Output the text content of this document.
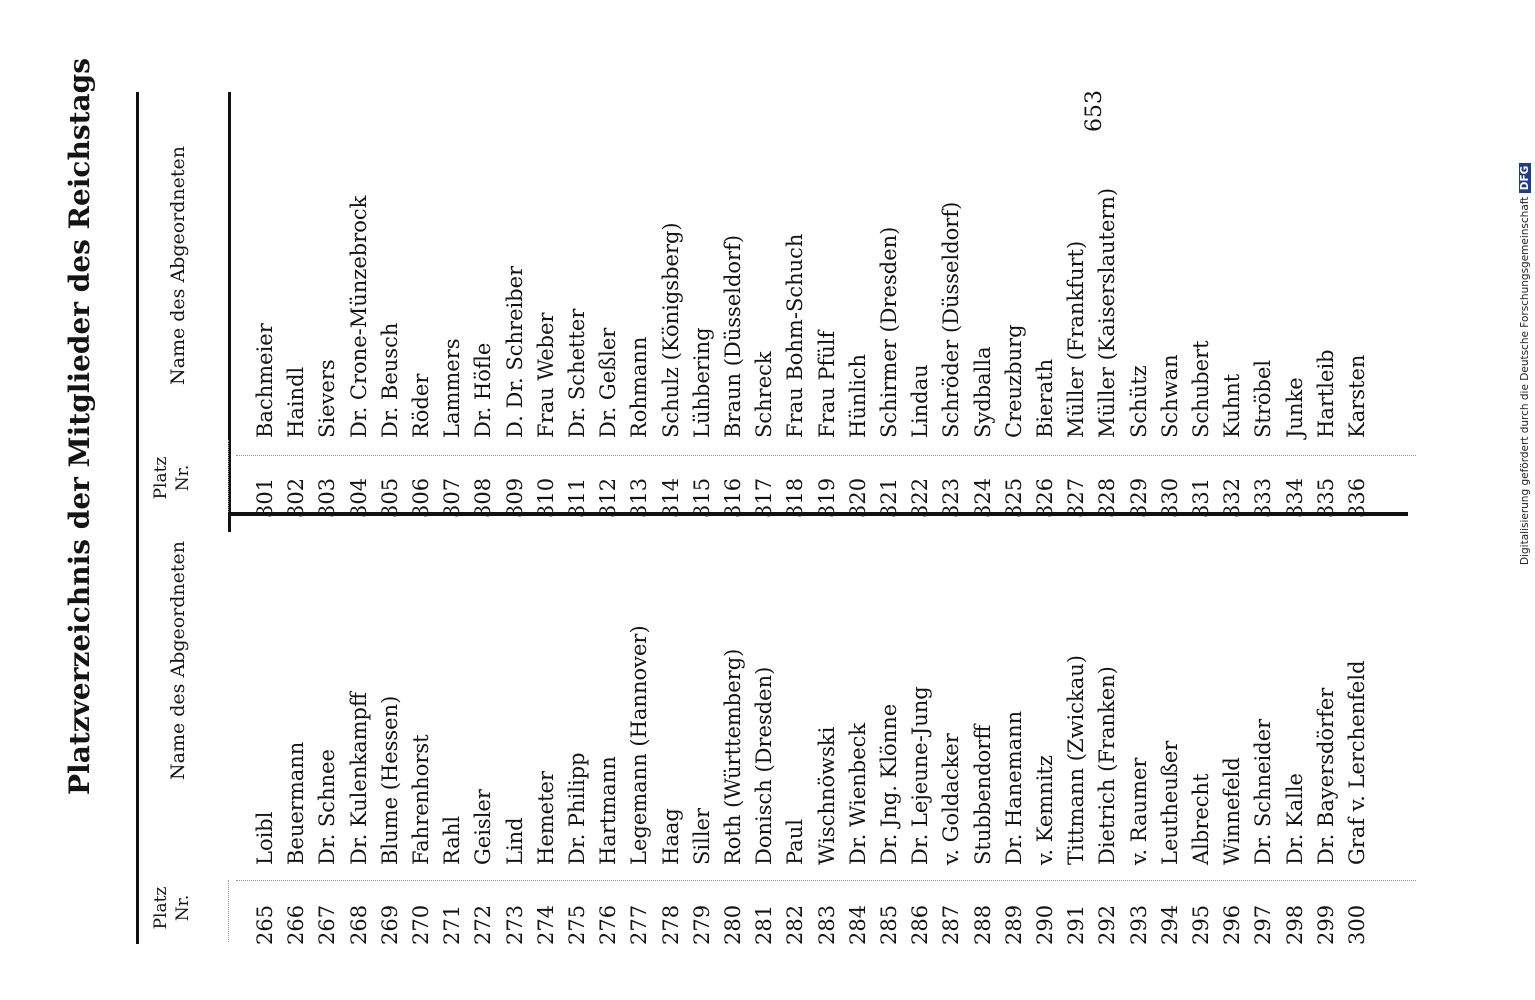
Platzverzeichnis der Mitglieder des Reichstags	653
Digitalisierung gefördert durch die Deutsche Forschungsgemeinschaft DFG
Platz
Nr.
Name des Abgeordneten
Platz
Nr.
Name des Abgeordneten
265Loibl
266Beuermann
267Dr. Schnee
268Dr. Kulenkampff
269Blume (Hessen)
270Fahrenhorst
271Rahl
272Geisler
273Lind
274Hemeter
275Dr. Philipp
276Hartmann
277Legemann (Hannover)
278Haag
279Siller
280Roth (Württemberg)
281Donisch (Dresden)
282Paul
283Wischnöwski
284Dr. Wienbeck
285Dr. Jng. Klönne
286Dr. Lejeune-Jung
287v. Goldacker
288Stubbendorff
289Dr. Hanemann
290v. Kemnitz
291Tittmann (Zwickau)
292Dietrich (Franken)
293v. Raumer
294Leutheußer
295Albrecht
296Winnefeld
297Dr. Schneider
298Dr. Kalle
299Dr. Bayersdörfer
300Graf v. Lerchenfeld
301Bachmeier
302Haindl
303Sievers
304Dr. Crone-Münzebrock
305Dr. Beusch
306Röder
307Lammers
308Dr. Höfle
309D. Dr. Schreiber
310Frau Weber
311Dr. Schetter
312Dr. Geßler
313Rohmann
314Schulz (Königsberg)
315Lühbering
316Braun (Düsseldorf)
317Schreck
318Frau Bohm-Schuch
319Frau Pfülf
320Hünlich
321Schirmer (Dresden)
322Lindau
323Schröder (Düsseldorf)
324Sydballa
325Creuzburg
326Bierath
327Müller (Frankfurt)
328Müller (Kaiserslautern)
329Schütz
330Schwan
331Schubert
332Kuhnt
333Ströbel
334Junke
335Hartleib
336Karsten
